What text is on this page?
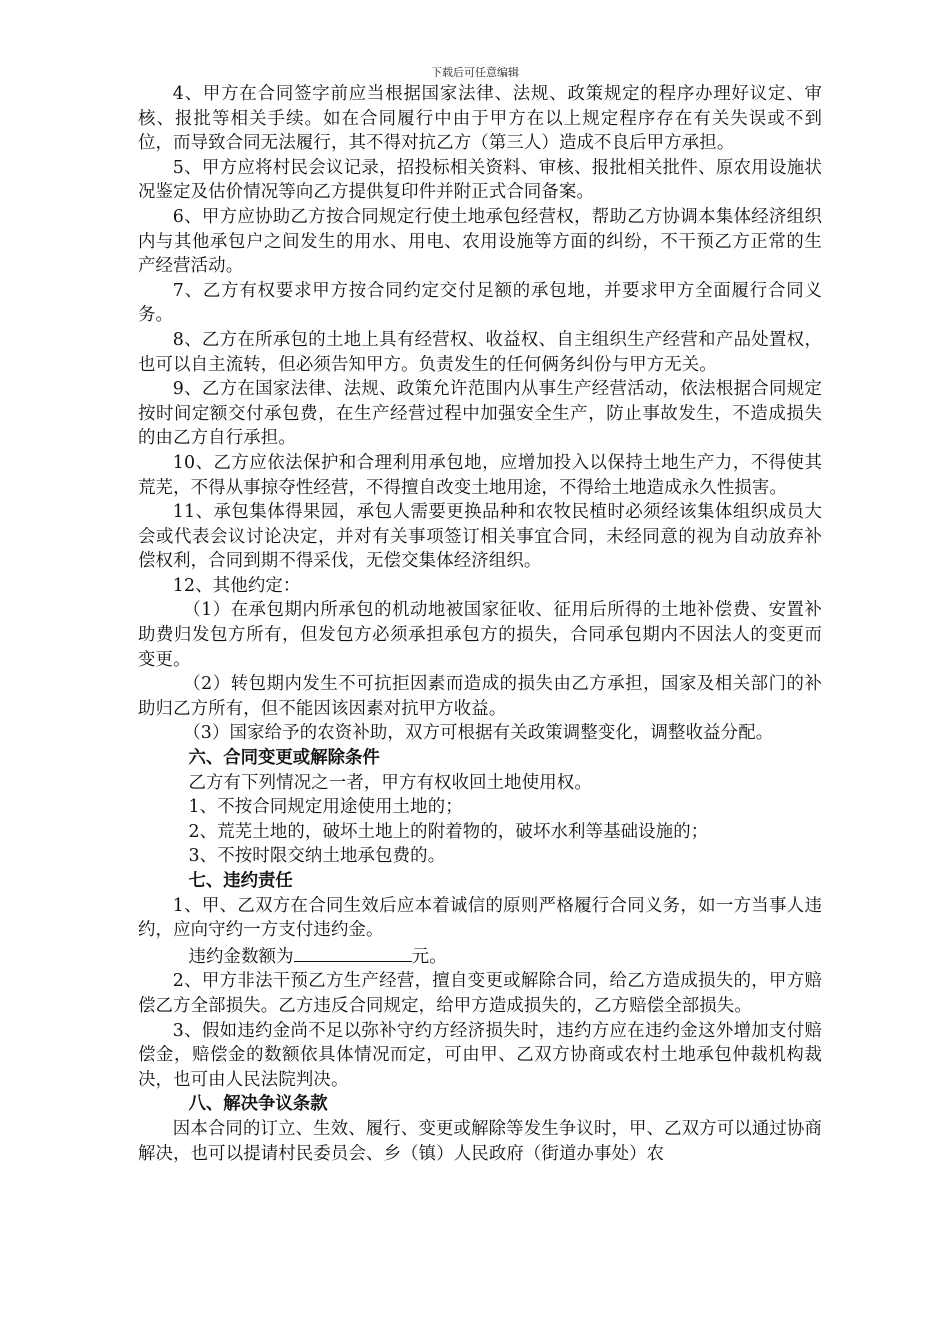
下载后可任意编辑

4、甲方在合同签字前应当根据国家法律、法规、政策规定的程序办理好议定、审核、报批等相关手续。如在合同履行中由于甲方在以上规定程序存在有关失误或不到位，而导致合同无法履行，其不得对抗乙方（第三人）造成不良后甲方承担。

5、甲方应将村民会议记录，招投标相关资料、审核、报批相关批件、原农用设施状况鉴定及估价情况等向乙方提供复印件并附正式合同备案。

6、甲方应协助乙方按合同规定行使土地承包经营权，帮助乙方协调本集体经济组织内与其他承包户之间发生的用水、用电、农用设施等方面的纠纷，不干预乙方正常的生产经营活动。

7、乙方有权要求甲方按合同约定交付足额的承包地，并要求甲方全面履行合同义务。

8、乙方在所承包的土地上具有经营权、收益权、自主组织生产经营和产品处置权，也可以自主流转，但必须告知甲方。负责发生的任何俩务纠份与甲方无关。

9、乙方在国家法律、法规、政策允许范围内从事生产经营活动，依法根据合同规定按时间定额交付承包费，在生产经营过程中加强安全生产，防止事故发生，不造成损失的由乙方自行承担。

10、乙方应依法保护和合理利用承包地，应增加投入以保持土地生产力，不得使其荒芜，不得从事掠夺性经营，不得擅自改变土地用途，不得给土地造成永久性损害。

11、承包集体得果园，承包人需要更换品种和农牧民植时必须经该集体组织成员大会或代表会议讨论决定，并对有关事项签订相关事宜合同，未经同意的视为自动放弃补偿权利，合同到期不得采伐，无偿交集体经济组织。

12、其他约定：

（1）在承包期内所承包的机动地被国家征收、征用后所得的土地补偿费、安置补助费归发包方所有，但发包方必须承担承包方的损失，合同承包期内不因法人的变更而变更。

（2）转包期内发生不可抗拒因素而造成的损失由乙方承担，国家及相关部门的补助归乙方所有，但不能因该因素对抗甲方收益。

（3）国家给予的农资补助，双方可根据有关政策调整变化，调整收益分配。

六、合同变更或解除条件

乙方有下列情况之一者，甲方有权收回土地使用权。

1、不按合同规定用途使用土地的；

2、荒芜土地的，破坏土地上的附着物的，破坏水利等基础设施的；

3、不按时限交纳土地承包费的。

七、违约责任

1、甲、乙双方在合同生效后应本着诚信的原则严格履行合同义务，如一方当事人违约，应向守约一方支付违约金。

违约金数额为	元。

2、甲方非法干预乙方生产经营，擅自变更或解除合同，给乙方造成损失的，甲方赔偿乙方全部损失。乙方违反合同规定，给甲方造成损失的，乙方赔偿全部损失。

3、假如违约金尚不足以弥补守约方经济损失时，违约方应在违约金这外增加支付赔偿金，赔偿金的数额依具体情况而定，可由甲、乙双方协商或农村土地承包仲裁机构裁决，也可由人民法院判决。

八、解决争议条款

因本合同的订立、生效、履行、变更或解除等发生争议时，甲、乙双方可以通过协商解决，也可以提请村民委员会、乡（镇）人民政府（街道办事处）农
